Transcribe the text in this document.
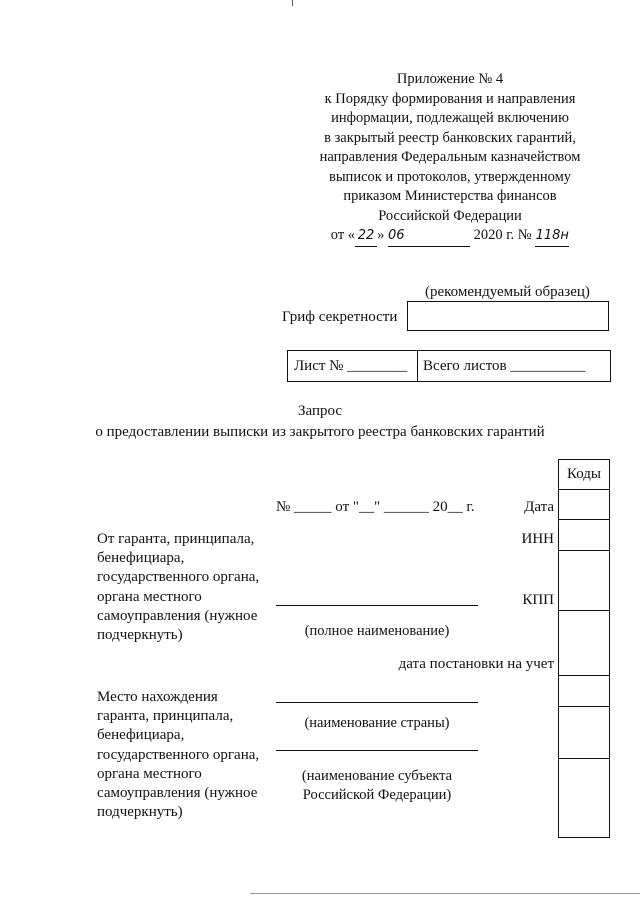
Приложение № 4
к Порядку формирования и направления
информации, подлежащей включению
в закрытый реестр банковских гарантий,
направления Федеральным казначейством
выписок и протоколов, утвержденному
приказом Министерства финансов
Российской Федерации
от « 22 » 06	2020 г. № 118н
(рекомендуемый образец)
Гриф секретности
Лист № ________ Всего листов __________
Запрос
о предоставлении выписки из закрытого реестра банковских гарантий
Коды
№ _____ от "__" ______ 20__ г.	Дата
От гаранта, принципала,
бенефициара,
государственного органа,
органа местного
самоуправления (нужное
подчеркнуть)
ИНН
КПП
(полное наименование)
дата постановки на учет
Место нахождения
гаранта, принципала,
бенефициара,
государственного органа,
органа местного
самоуправления (нужное
подчеркнуть)
(наименование страны)
(наименование субъекта
Российской Федерации)
